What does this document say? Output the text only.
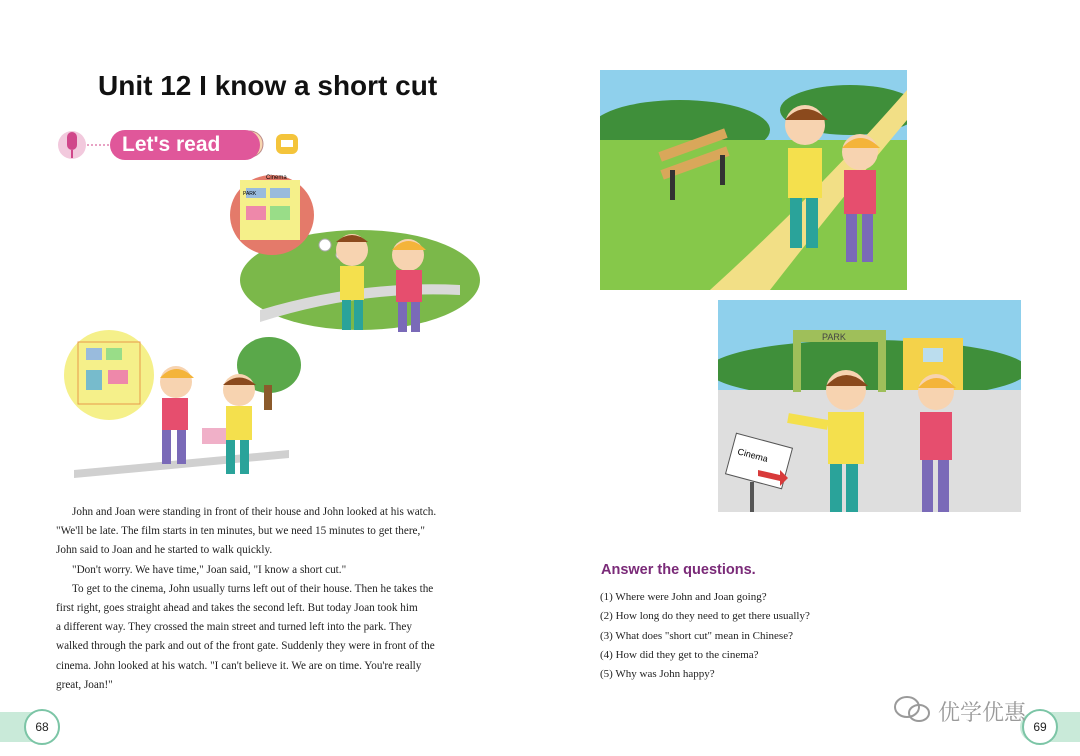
Unit 12 I know a short cut
Let's read
Cinema
PARK

John and Joan were standing in front of their house and John looked at his watch.

"We'll be late. The film starts in ten minutes, but we need 15 minutes to get there,"

John said to Joan and he started to walk quickly.

"Don't worry. We have time," Joan said, "I know a short cut."

To get to the cinema, John usually turns left out of their house. Then he takes the

first right, goes straight ahead and takes the second left. But today Joan took him

a different way. They crossed the main street and turned left into the park. They

walked through the park and out of the front gate. Suddenly they were in front of the

cinema. John looked at his watch. "I can't believe it. We are on time. You're really

great, Joan!"

PARK
Cinema
Answer the questions.
(1) Where were John and Joan going?
(2) How long do they need to get there usually?
(3) What does "short cut" mean in Chinese?
(4) How did they get to the cinema?
(5) Why was John happy?
68	69
优学优惠
